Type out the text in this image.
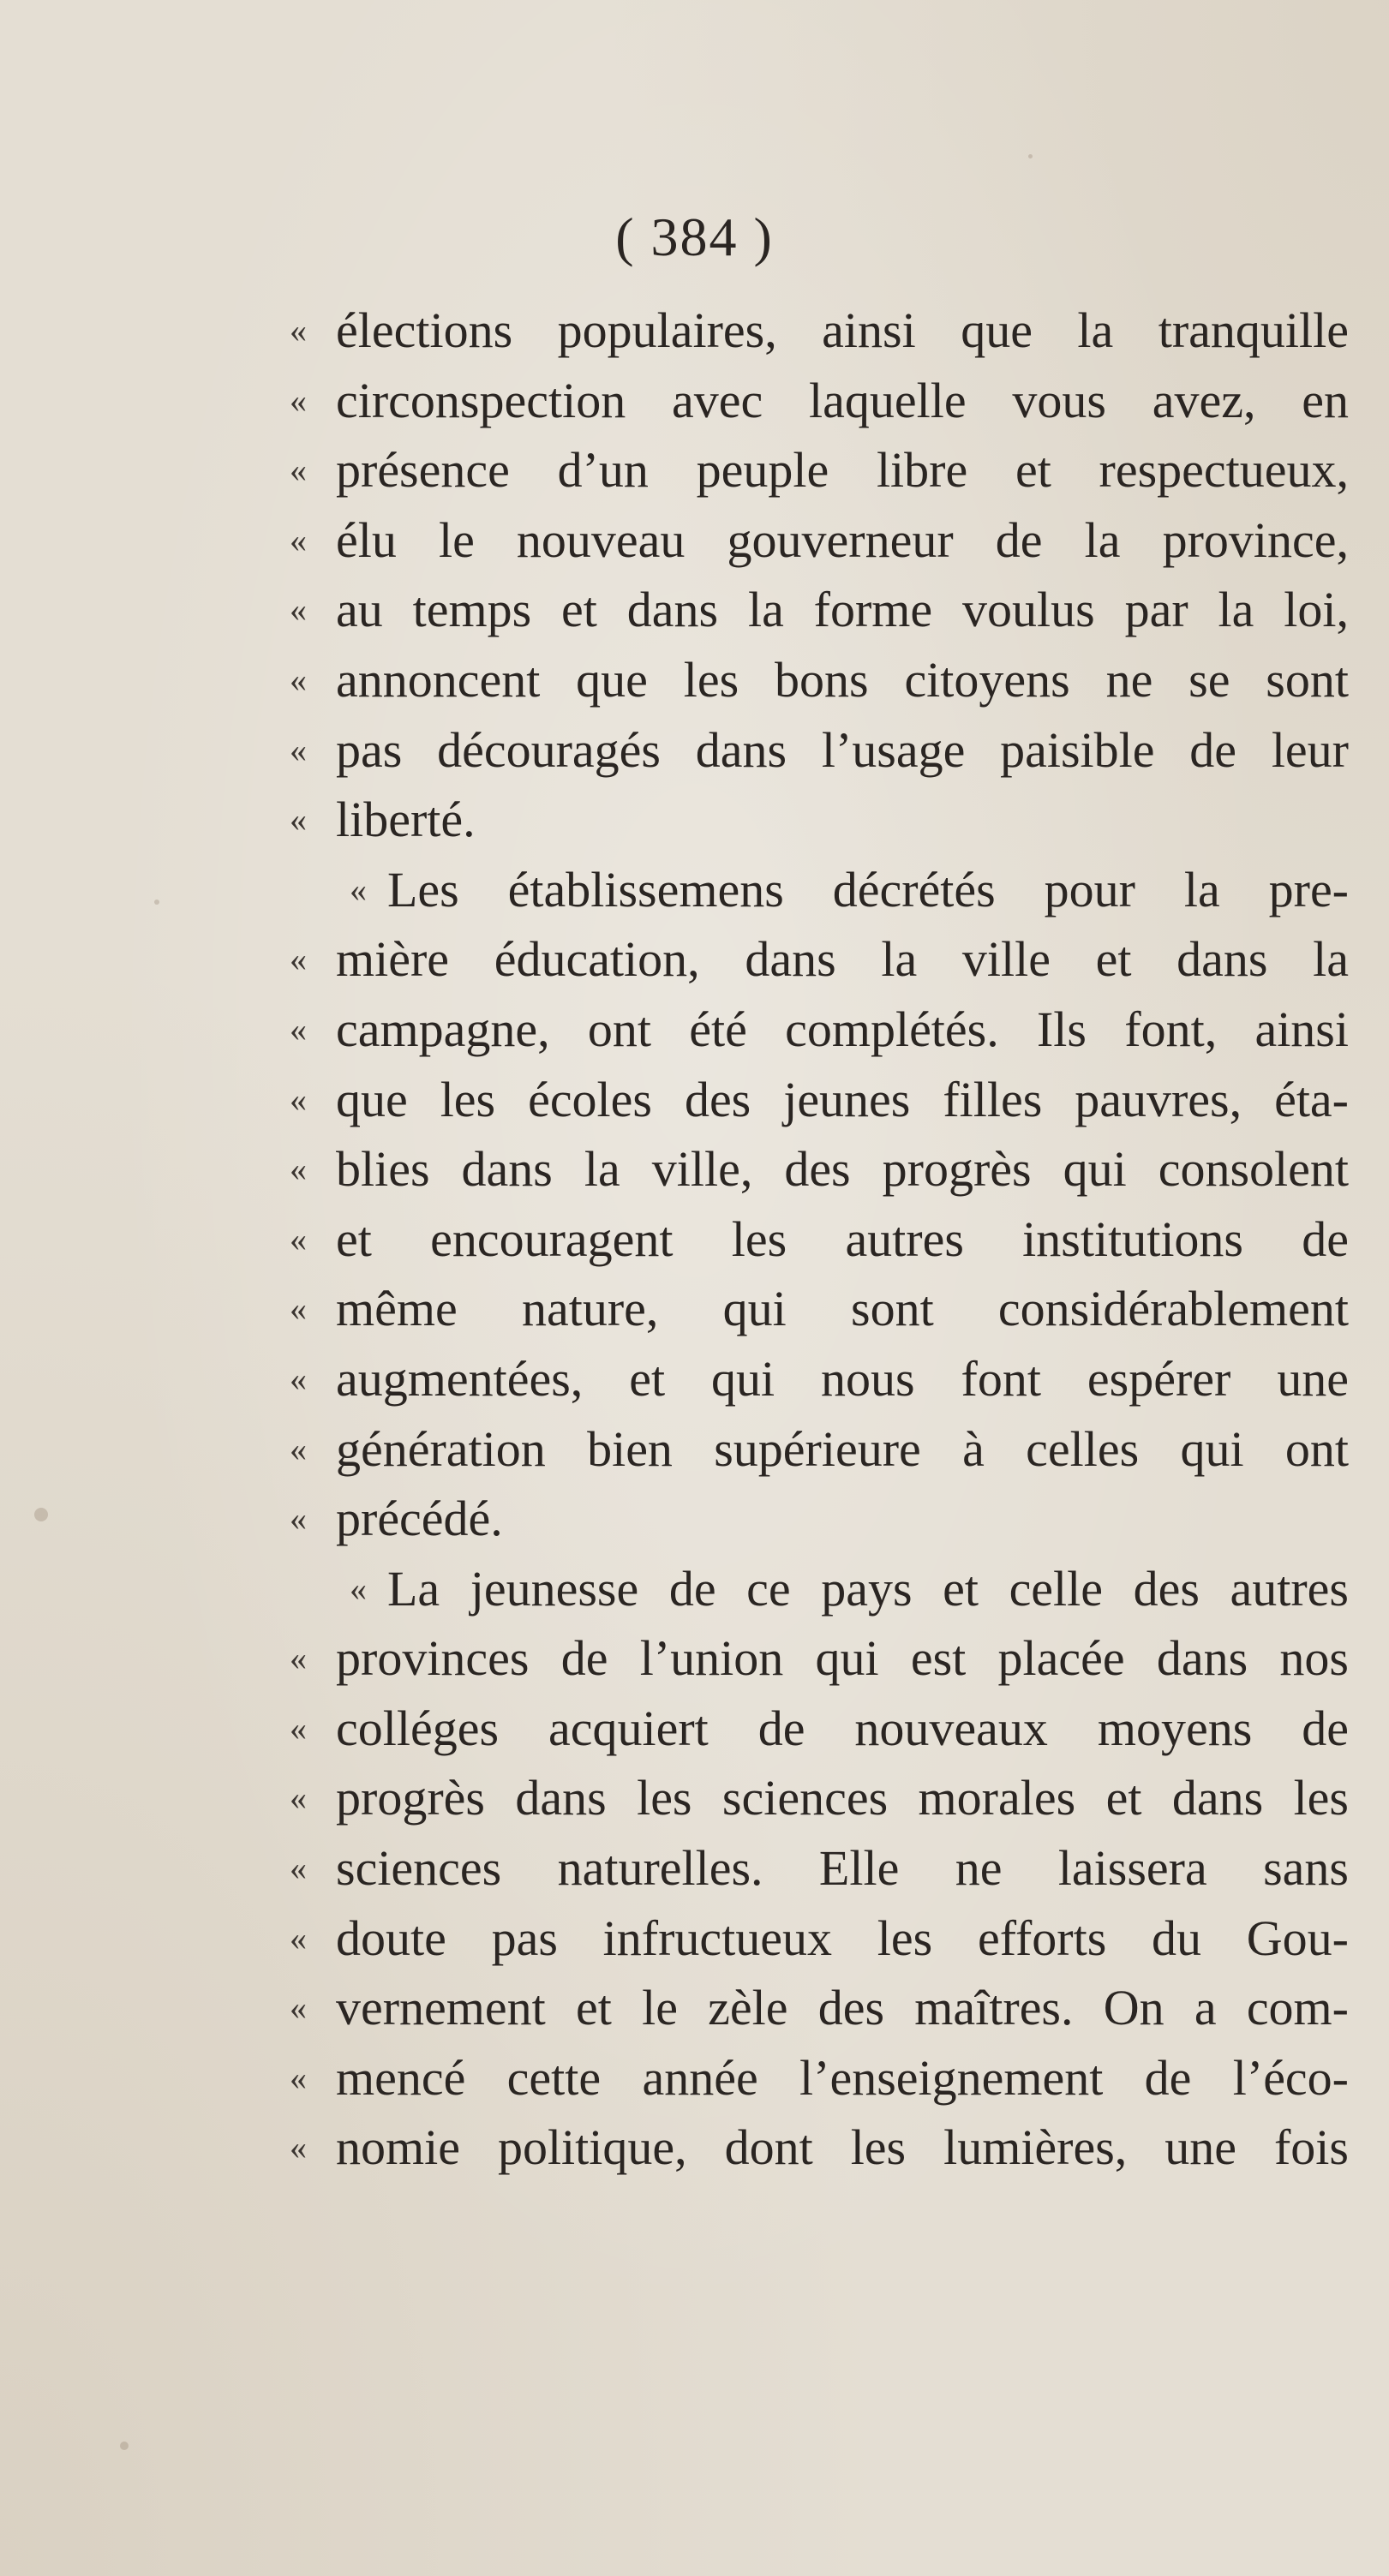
( 384 )
« élections populaires, ainsi que la tranquille
« circonspection avec laquelle vous avez, en
« présence d’un peuple libre et respectueux,
« élu le nouveau gouverneur de la province,
« au temps et dans la forme voulus par la loi,
« annoncent que les bons citoyens ne se sont
« pas découragés dans l’usage paisible de leur
« liberté.
« Les établissemens décrétés pour la pre-
« mière éducation, dans la ville et dans la
« campagne, ont été complétés. Ils font, ainsi
« que les écoles des jeunes filles pauvres, éta-
« blies dans la ville, des progrès qui consolent
« et encouragent les autres institutions de
« même nature, qui sont considérablement
« augmentées, et qui nous font espérer une
« génération bien supérieure à celles qui ont
« précédé.
« La jeunesse de ce pays et celle des autres
« provinces de l’union qui est placée dans nos
« colléges acquiert de nouveaux moyens de
« progrès dans les sciences morales et dans les
« sciences naturelles. Elle ne laissera sans
« doute pas infructueux les efforts du Gou-
« vernement et le zèle des maîtres. On a com-
« mencé cette année l’enseignement de l’éco-
« nomie politique, dont les lumières, une fois
